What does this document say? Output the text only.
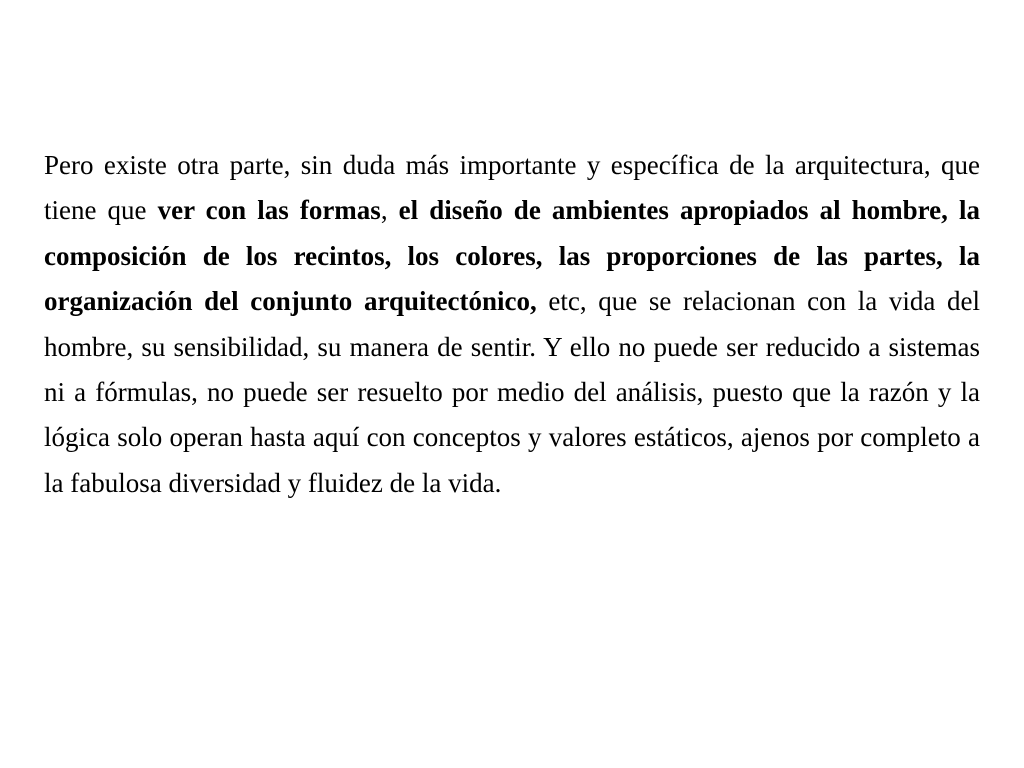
Pero existe otra parte, sin duda más importante y específica de la arquitectura, que tiene que ver con las formas, el diseño de ambientes apropiados al hombre, la composición de los recintos, los colores, las proporciones de las partes, la organización del conjunto arquitectónico, etc, que se relacionan con la vida del hombre, su sensibilidad, su manera de sentir. Y ello no puede ser reducido a sistemas ni a fórmulas, no puede ser resuelto por medio del análisis, puesto que la razón y la lógica solo operan hasta aquí con conceptos y valores estáticos, ajenos por completo a la fabulosa diversidad y fluidez de la vida.
